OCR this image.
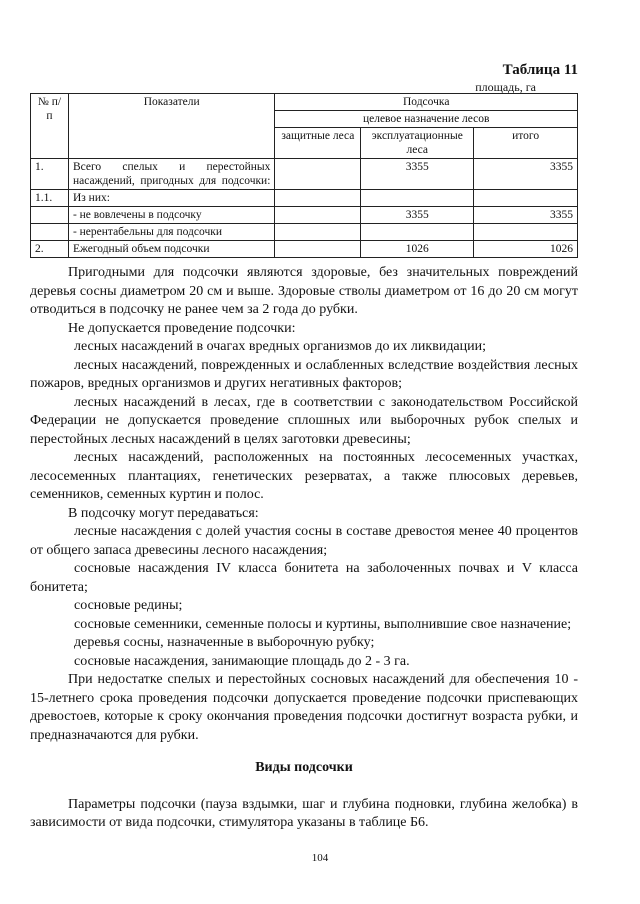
Таблица 11
площадь, га
№ п/п	Показатели	Подсочка		
		целевое назначение лесов		
		защитные леса	эксплуатационные леса	итого
1.	Всего спелых и перестойных насаждений, пригодных для подсочки:		3355	3355
1.1.	Из них:			
	- не вовлечены в подсочку		3355	3355
	- нерентабельны для подсочки			
2.	Ежегодный объем подсочки		1026	1026

Пригодными для подсочки являются здоровые, без значительных повреждений деревья сосны диаметром 20 см и выше. Здоровые стволы диаметром от 16 до 20 см могут отводиться в подсочку не ранее чем за 2 года до рубки.

Не допускается проведение подсочки:

лесных насаждений в очагах вредных организмов до их ликвидации;

лесных насаждений, поврежденных и ослабленных вследствие воздействия лесных пожаров, вредных организмов и других негативных факторов;

лесных насаждений в лесах, где в соответствии с законодательством Российской Федерации не допускается проведение сплошных или выборочных рубок спелых и перестойных лесных насаждений в целях заготовки древесины;

лесных насаждений, расположенных на постоянных лесосеменных участках, лесосеменных плантациях, генетических резерватах, а также плюсовых деревьев, семенников, семенных куртин и полос.

В подсочку могут передаваться:

лесные насаждения с долей участия сосны в составе древостоя менее 40 процентов от общего запаса древесины лесного насаждения;

сосновые насаждения IV класса бонитета на заболоченных почвах и V класса бонитета;

сосновые редины;

сосновые семенники, семенные полосы и куртины, выполнившие свое назначение;

деревья сосны, назначенные в выборочную рубку;

сосновые насаждения, занимающие площадь до 2 - 3 га.

При недостатке спелых и перестойных сосновых насаждений для обеспечения 10 - 15-летнего срока проведения подсочки допускается проведение подсочки приспевающих древостоев, которые к сроку окончания проведения подсочки достигнут возраста рубки, и предназначаются для рубки.

Виды подсочки

Параметры подсочки (пауза вздымки, шаг и глубина подновки, глубина желобка) в зависимости от вида подсочки, стимулятора указаны в таблице Б6.

104
